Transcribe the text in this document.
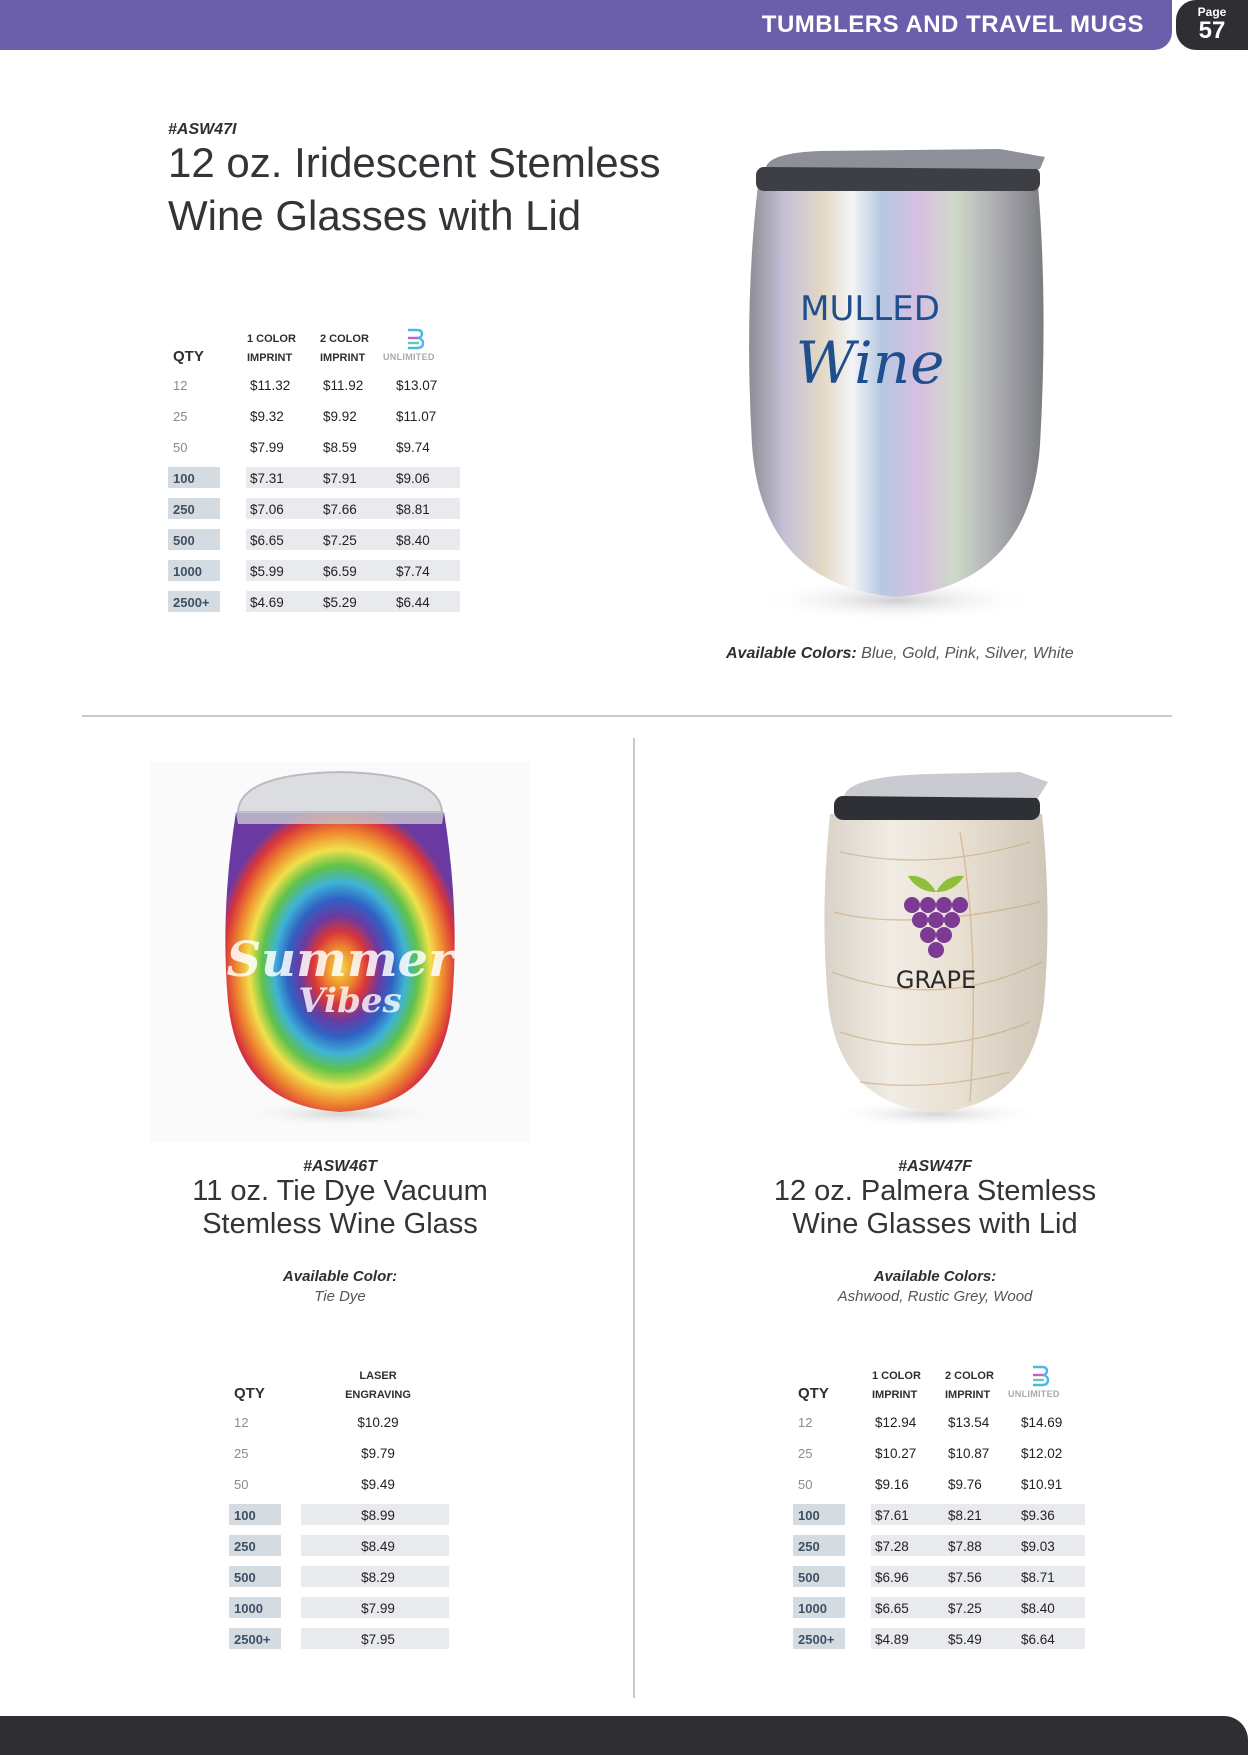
TUMBLERS AND TRAVEL MUGS	Page
57
#ASW47I
12 oz. Iridescent Stemless
Wine Glasses with Lid
QTY
1 COLOR
IMPRINT
2 COLOR
IMPRINT	UNLIMITED
12	$11.32 $11.92 $13.07
25	$9.32	$9.92	$11.07
50	$7.99	$8.59	$9.74
100	$7.31	$7.91	$9.06
250	$7.06	$7.66	$8.81
500	$6.65	$7.25	$8.40
1000	$5.99	$6.59	$7.74
2500+	$4.69	$5.29	$6.44
MULLED
Wine
Available Colors: Blue, Gold, Pink, Silver, White
Summer
Vibes
#ASW46T
11 oz. Tie Dye Vacuum
Stemless Wine Glass
Available Color:
Tie Dye
QTY
LASER
ENGRAVING
12	$10.29
25	$9.79
50	$9.49
100	$8.99
250	$8.49
500	$8.29
1000	$7.99
2500+	$7.95
GRAPE
#ASW47F
12 oz. Palmera Stemless
Wine Glasses with Lid
Available Colors:
Ashwood, Rustic Grey, Wood
QTY
1 COLOR
IMPRINT
2 COLOR
IMPRINT	UNLIMITED
12	$12.94 $13.54 $14.69
25	$10.27 $10.87 $12.02
50	$9.16	$9.76	$10.91
100	$7.61	$8.21	$9.36
250	$7.28	$7.88	$9.03
500	$6.96	$7.56	$8.71
1000	$6.65	$7.25	$8.40
2500+	$4.89	$5.49	$6.64
